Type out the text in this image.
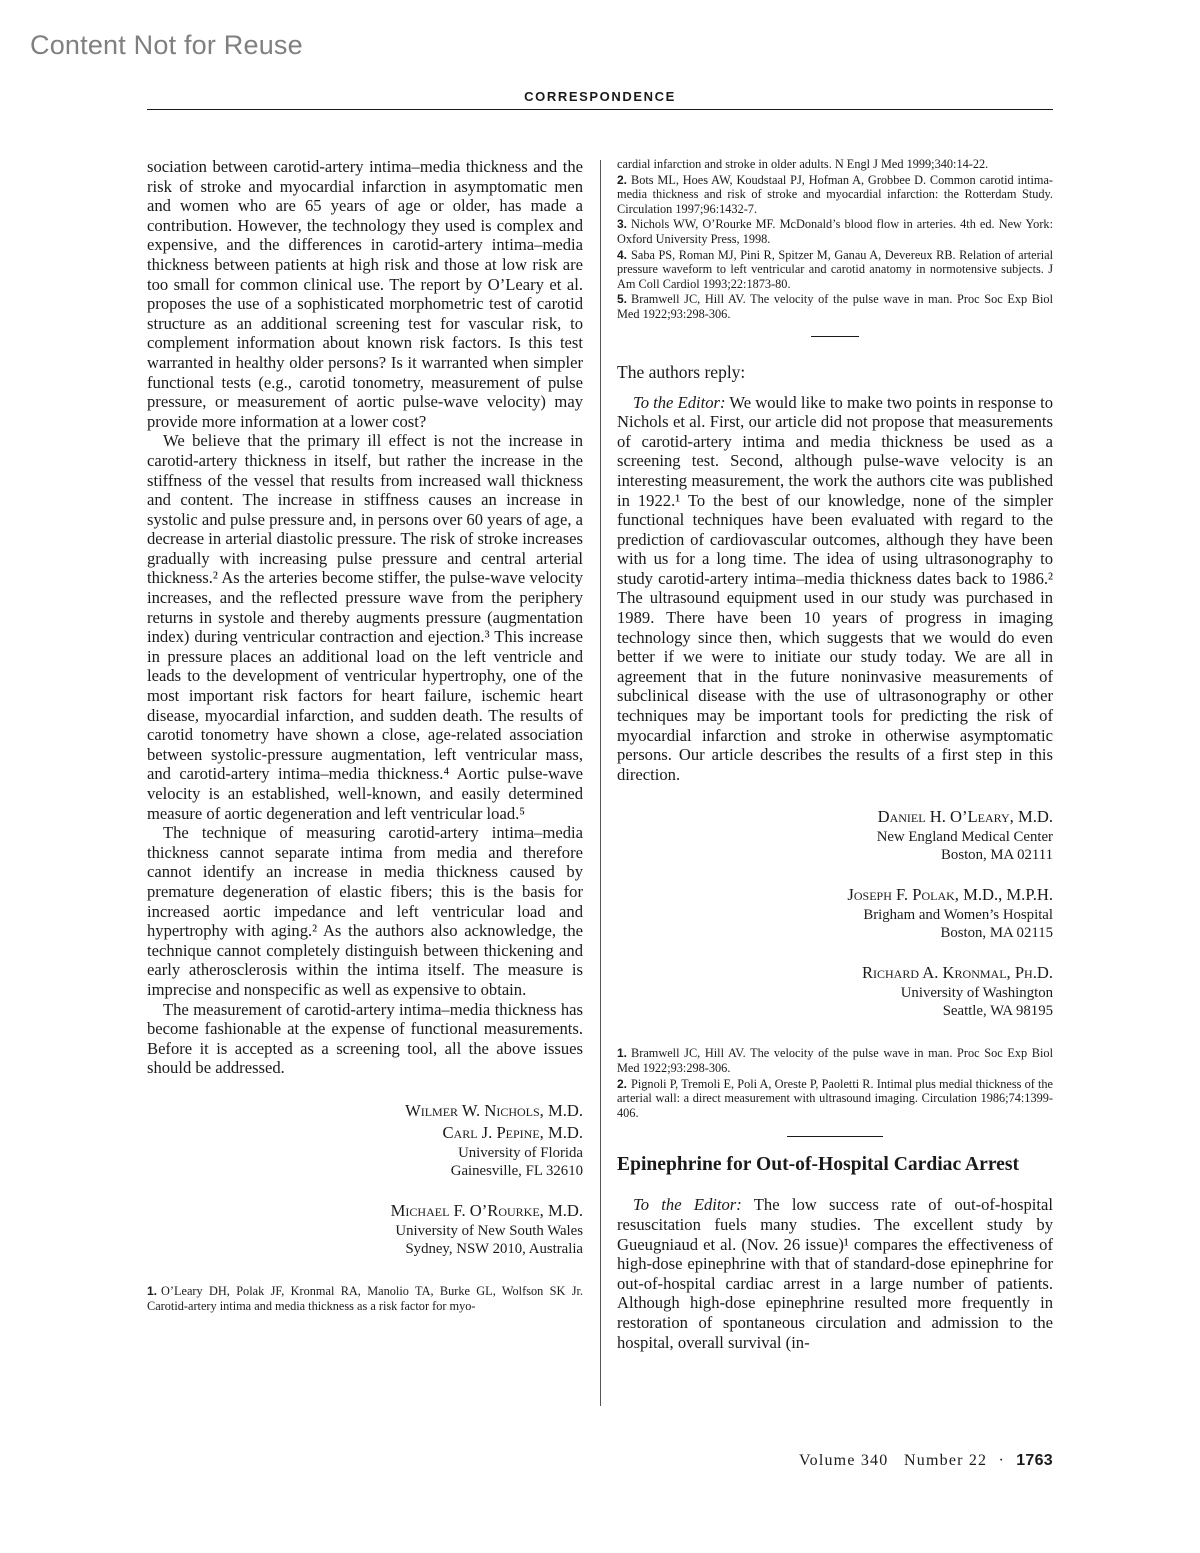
Content Not for Reuse
CORRESPONDENCE

sociation between carotid-artery intima–media thickness and the risk of stroke and myocardial infarction in asymptomatic men and women who are 65 years of age or older, has made a contribution. However, the technology they used is complex and expensive, and the differences in carotid-artery intima–media thickness between patients at high risk and those at low risk are too small for common clinical use. The report by O’Leary et al. proposes the use of a sophisticated morphometric test of carotid structure as an additional screening test for vascular risk, to complement information about known risk factors. Is this test warranted in healthy older persons? Is it warranted when simpler functional tests (e.g., carotid tonometry, measurement of pulse pressure, or measurement of aortic pulse-wave velocity) may provide more information at a lower cost?

We believe that the primary ill effect is not the increase in carotid-artery thickness in itself, but rather the increase in the stiffness of the vessel that results from increased wall thickness and content. The increase in stiffness causes an increase in systolic and pulse pressure and, in persons over 60 years of age, a decrease in arterial diastolic pressure. The risk of stroke increases gradually with increasing pulse pressure and central arterial thickness.² As the arteries become stiffer, the pulse-wave velocity increases, and the reflected pressure wave from the periphery returns in systole and thereby augments pressure (augmentation index) during ventricular contraction and ejection.³ This increase in pressure places an additional load on the left ventricle and leads to the development of ventricular hypertrophy, one of the most important risk factors for heart failure, ischemic heart disease, myocardial infarction, and sudden death. The results of carotid tonometry have shown a close, age-related association between systolic-pressure augmentation, left ventricular mass, and carotid-artery intima–media thickness.⁴ Aortic pulse-wave velocity is an established, well-known, and easily determined measure of aortic degeneration and left ventricular load.⁵

The technique of measuring carotid-artery intima–media thickness cannot separate intima from media and therefore cannot identify an increase in media thickness caused by premature degeneration of elastic fibers; this is the basis for increased aortic impedance and left ventricular load and hypertrophy with aging.² As the authors also acknowledge, the technique cannot completely distinguish between thickening and early atherosclerosis within the intima itself. The measure is imprecise and nonspecific as well as expensive to obtain.

The measurement of carotid-artery intima–media thickness has become fashionable at the expense of functional measurements. Before it is accepted as a screening tool, all the above issues should be addressed.

Wilmer W. Nichols, M.D.
Carl J. Pepine, M.D.
University of Florida
Gainesville, FL 32610
Michael F. O’Rourke, M.D.
University of New South Wales
Sydney, NSW 2010, Australia

1. O’Leary DH, Polak JF, Kronmal RA, Manolio TA, Burke GL, Wolfson SK Jr. Carotid-artery intima and media thickness as a risk factor for myo-

cardial infarction and stroke in older adults. N Engl J Med 1999;340:14-22.

2. Bots ML, Hoes AW, Koudstaal PJ, Hofman A, Grobbee D. Common carotid intima-media thickness and risk of stroke and myocardial infarction: the Rotterdam Study. Circulation 1997;96:1432-7.

3. Nichols WW, O’Rourke MF. McDonald’s blood flow in arteries. 4th ed. New York: Oxford University Press, 1998.

4. Saba PS, Roman MJ, Pini R, Spitzer M, Ganau A, Devereux RB. Relation of arterial pressure waveform to left ventricular and carotid anatomy in normotensive subjects. J Am Coll Cardiol 1993;22:1873-80.

5. Bramwell JC, Hill AV. The velocity of the pulse wave in man. Proc Soc Exp Biol Med 1922;93:298-306.

The authors reply:

To the Editor: We would like to make two points in response to Nichols et al. First, our article did not propose that measurements of carotid-artery intima and media thickness be used as a screening test. Second, although pulse-wave velocity is an interesting measurement, the work the authors cite was published in 1922.¹ To the best of our knowledge, none of the simpler functional techniques have been evaluated with regard to the prediction of cardiovascular outcomes, although they have been with us for a long time. The idea of using ultrasonography to study carotid-artery intima–media thickness dates back to 1986.² The ultrasound equipment used in our study was purchased in 1989. There have been 10 years of progress in imaging technology since then, which suggests that we would do even better if we were to initiate our study today. We are all in agreement that in the future noninvasive measurements of subclinical disease with the use of ultrasonography or other techniques may be important tools for predicting the risk of myocardial infarction and stroke in otherwise asymptomatic persons. Our article describes the results of a first step in this direction.

Daniel H. O’Leary, M.D.
New England Medical Center
Boston, MA 02111
Joseph F. Polak, M.D., M.P.H.
Brigham and Women’s Hospital
Boston, MA 02115
Richard A. Kronmal, Ph.D.
University of Washington
Seattle, WA 98195

1. Bramwell JC, Hill AV. The velocity of the pulse wave in man. Proc Soc Exp Biol Med 1922;93:298-306.

2. Pignoli P, Tremoli E, Poli A, Oreste P, Paoletti R. Intimal plus medial thickness of the arterial wall: a direct measurement with ultrasound imaging. Circulation 1986;74:1399-406.

Epinephrine for Out-of-Hospital Cardiac Arrest

To the Editor: The low success rate of out-of-hospital resuscitation fuels many studies. The excellent study by Gueugniaud et al. (Nov. 26 issue)¹ compares the effectiveness of high-dose epinephrine with that of standard-dose epinephrine for out-of-hospital cardiac arrest in a large number of patients. Although high-dose epinephrine resulted more frequently in restoration of spontaneous circulation and admission to the hospital, overall survival (in-

Volume 340 Number 22 · 1763
